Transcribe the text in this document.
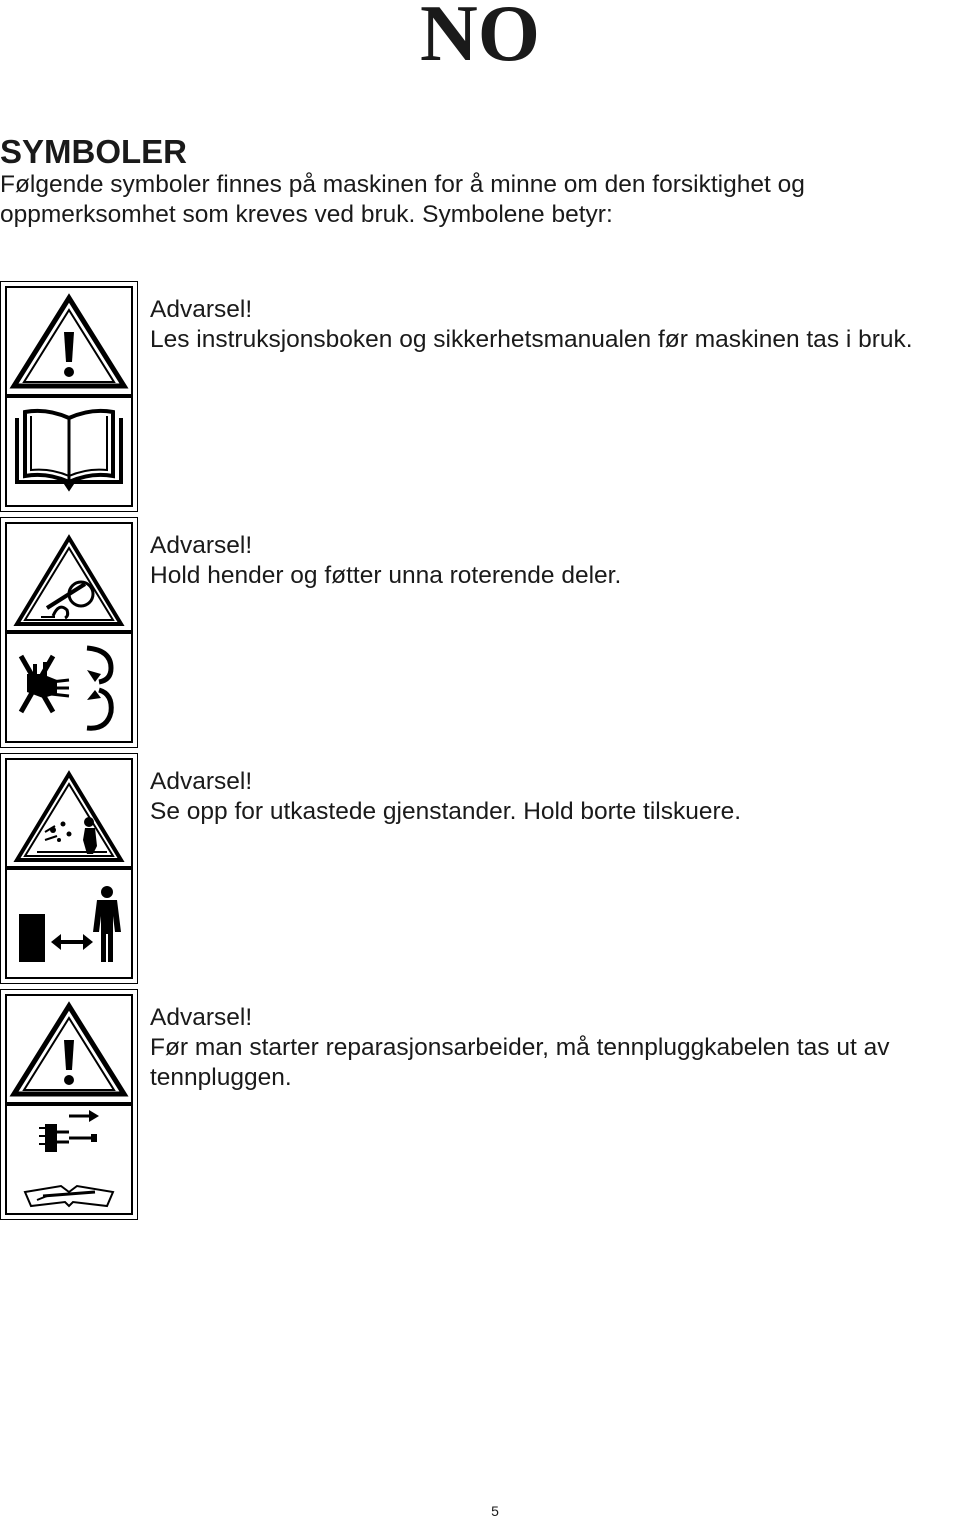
NO
SYMBOLER

Følgende symboler finnes på maskinen for å minne om den forsiktighet og oppmerksomhet som kreves ved bruk. Symbolene betyr:

Advarsel!
Les instruksjonsboken og sikkerhetsmanualen før maskinen tas i bruk.
Advarsel!
Hold hender og føtter unna roterende deler.
Advarsel!
Se opp for utkastede gjenstander. Hold borte tilskuere.
Advarsel!
Før man starter reparasjonsarbeider, må tennpluggkabelen tas ut av tennpluggen.
5
